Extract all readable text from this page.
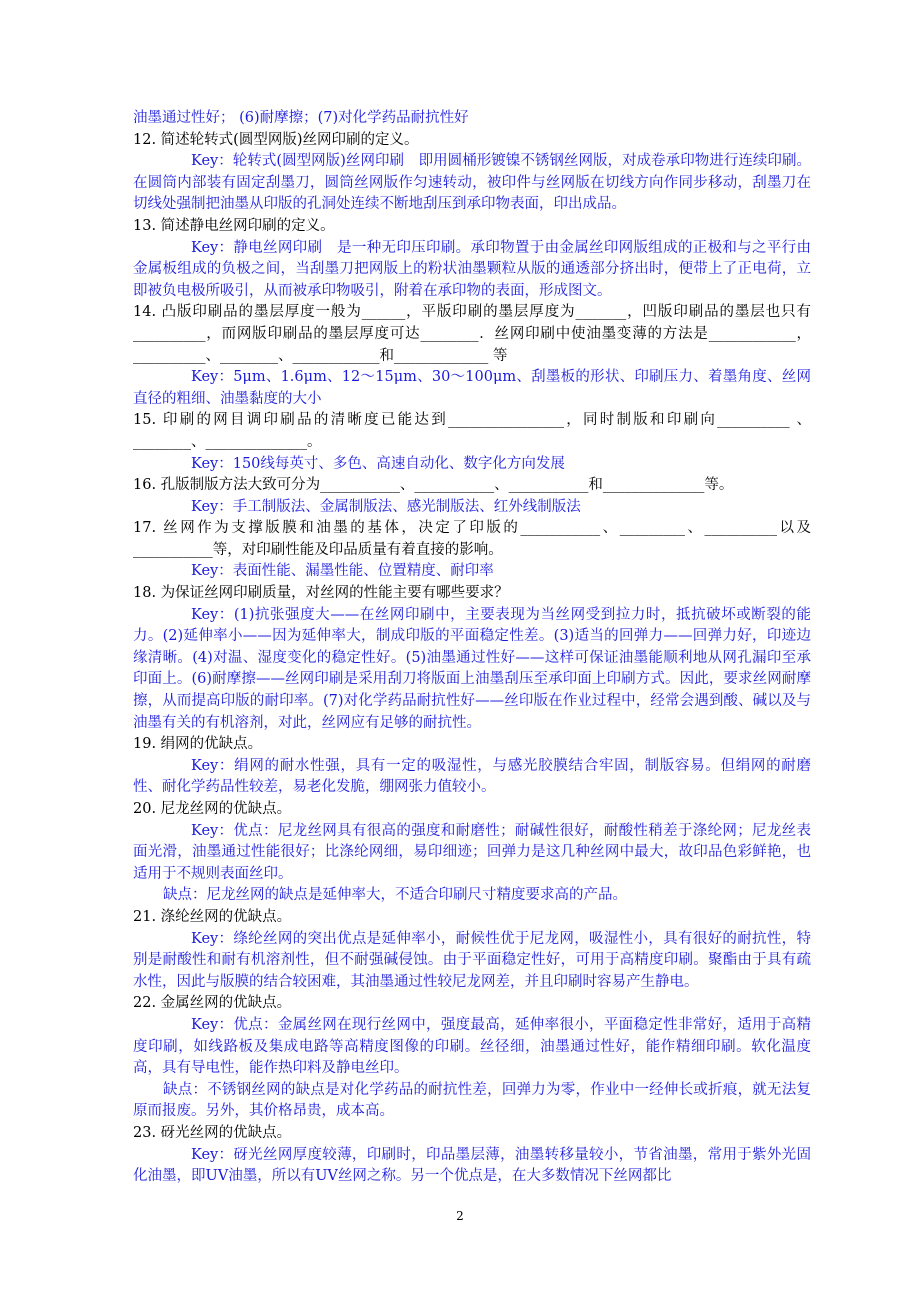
油墨通过性好； (6)耐摩擦；(7)对化学药品耐抗性好

12. 简述轮转式(圆型网版)丝网印刷的定义。

Key：轮转式(圆型网版)丝网印刷　即用圆桶形镀镍不锈钢丝网版，对成卷承印物进行连续印刷。在圆筒内部装有固定刮墨刀，圆筒丝网版作匀速转动，被印件与丝网版在切线方向作同步移动，刮墨刀在切线处强制把油墨从印版的孔洞处连续不断地刮压到承印物表面，印出成品。

13. 简述静电丝网印刷的定义。

Key：静电丝网印刷　是一种无印压印刷。承印物置于由金属丝印网版组成的正极和与之平行由金属板组成的负极之间，当刮墨刀把网版上的粉状油墨颗粒从版的通透部分挤出时，便带上了正电荷，立即被负电极所吸引，从而被承印物吸引，附着在承印物的表面，形成图文。

14. 凸版印刷品的墨层厚度一般为______，平版印刷的墨层厚度为_______，凹版印刷品的墨层也只有__________，而网版印刷品的墨层厚度可达________．丝网印刷中使油墨变薄的方法是____________，__________、________、____________和_____________ 等

Key：5μm、1.6μm、12～15μm、30～100μm、刮墨板的形状、印刷压力、着墨角度、丝网直径的粗细、油墨黏度的大小

15. 印刷的网目调印刷品的清晰度已能达到________________，同时制版和印刷向__________ 、________、______________。

Key：150线每英寸、多色、高速自动化、数字化方向发展

16. 孔版制版方法大致可分为___________、___________、___________和______________等。

Key：手工制版法、金属制版法、感光制版法、红外线制版法

17. 丝网作为支撑版膜和油墨的基体，决定了印版的___________、_________、__________以及___________等，对印刷性能及印品质量有着直接的影响。

Key：表面性能、漏墨性能、位置精度、耐印率

18. 为保证丝网印刷质量，对丝网的性能主要有哪些要求？

Key：(1)抗张强度大——在丝网印刷中，主要表现为当丝网受到拉力时，抵抗破坏或断裂的能力。(2)延伸率小——因为延伸率大，制成印版的平面稳定性差。(3)适当的回弹力——回弹力好，印迹边缘清晰。(4)对温、湿度变化的稳定性好。(5)油墨通过性好——这样可保证油墨能顺利地从网孔漏印至承印面上。(6)耐摩擦——丝网印刷是采用刮刀将版面上油墨刮压至承印面上印刷方式。因此，要求丝网耐摩擦，从而提高印版的耐印率。(7)对化学药品耐抗性好——丝印版在作业过程中，经常会遇到酸、碱以及与油墨有关的有机溶剂，对此，丝网应有足够的耐抗性。

19. 绢网的优缺点。

Key：绢网的耐水性强，具有一定的吸湿性，与感光胶膜结合牢固，制版容易。但绢网的耐磨性、耐化学药品性较差，易老化发脆，绷网张力值较小。

20. 尼龙丝网的优缺点。

Key：优点：尼龙丝网具有很高的强度和耐磨性；耐碱性很好，耐酸性稍差于涤纶网；尼龙丝表面光滑，油墨通过性能很好；比涤纶网细，易印细迹；回弹力是这几种丝网中最大，故印品色彩鲜艳，也适用于不规则表面丝印。

缺点：尼龙丝网的缺点是延伸率大，不适合印刷尺寸精度要求高的产品。

21. 涤纶丝网的优缺点。

Key：绦纶丝网的突出优点是延伸率小，耐候性优于尼龙网，吸湿性小，具有很好的耐抗性，特别是耐酸性和耐有机溶剂性，但不耐强碱侵蚀。由于平面稳定性好，可用于高精度印刷。聚酯由于具有疏水性，因此与版膜的结合较困难，其油墨通过性较尼龙网差，并且印刷时容易产生静电。

22. 金属丝网的优缺点。

Key：优点：金属丝网在现行丝网中，强度最高，延伸率很小，平面稳定性非常好，适用于高精度印刷，如线路板及集成电路等高精度图像的印刷。丝径细，油墨通过性好，能作精细印刷。软化温度高，具有导电性，能作热印料及静电丝印。

缺点：不锈钢丝网的缺点是对化学药品的耐抗性差，回弹力为零，作业中一经伸长或折痕，就无法复原而报废。另外，其价格昂贵，成本高。

23. 砑光丝网的优缺点。

Key：砑光丝网厚度较薄，印刷时，印品墨层薄，油墨转移量较小，节省油墨，常用于紫外光固化油墨，即UV油墨，所以有UV丝网之称。另一个优点是，在大多数情况下丝网都比

2
